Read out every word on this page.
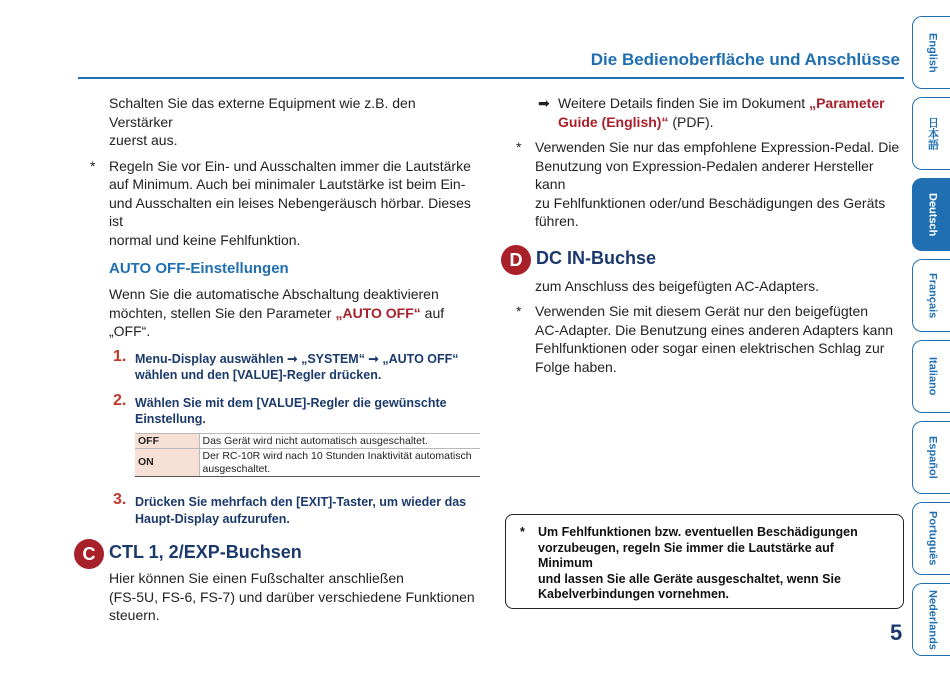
Die Bedienoberfläche und Anschlüsse
Schalten Sie das externe Equipment wie z.B. den Verstärker
zuerst aus.
* Regeln Sie vor Ein- und Ausschalten immer die Lautstärke
auf Minimum. Auch bei minimaler Lautstärke ist beim Ein-
und Ausschalten ein leises Nebengeräusch hörbar. Dieses ist
normal und keine Fehlfunktion.
AUTO OFF-Einstellungen
Wenn Sie die automatische Abschaltung deaktivieren
möchten, stellen Sie den Parameter „AUTO OFF“ auf „OFF“.
1. Menu-Display auswählen ➞ „SYSTEM“ ➞ „AUTO OFF“
wählen und den [VALUE]-Regler drücken.
2. Wählen Sie mit dem [VALUE]-Regler die gewünschte
Einstellung.
OFF	Das Gerät wird nicht automatisch ausgeschaltet.

ON	Der RC-10R wird nach 10 Stunden Inaktivität automatisch
ausgeschaltet.
3. Drücken Sie mehrfach den [EXIT]-Taster, um wieder das
Haupt-Display aufzurufen.
C CTL 1, 2/EXP-Buchsen
Hier können Sie einen Fußschalter anschließen
(FS-5U, FS-6, FS-7) und darüber verschiedene Funktionen
steuern.
➡ Weitere Details finden Sie im Dokument „Parameter
Guide (English)“ (PDF).
* Verwenden Sie nur das empfohlene Expression-Pedal. Die
Benutzung von Expression-Pedalen anderer Hersteller kann
zu Fehlfunktionen oder/und Beschädigungen des Geräts
führen.
D DC IN-Buchse
zum Anschluss des beigefügten AC-Adapters.
* Verwenden Sie mit diesem Gerät nur den beigefügten
AC-Adapter. Die Benutzung eines anderen Adapters kann
Fehlfunktionen oder sogar einen elektrischen Schlag zur
Folge haben.
* Um Fehlfunktionen bzw. eventuellen Beschädigungen
vorzubeugen, regeln Sie immer die Lautstärke auf Minimum
und lassen Sie alle Geräte ausgeschaltet, wenn Sie
Kabelverbindungen vornehmen.
5
English
日本語
Deutsch
Français
Italiano
Español
Português
Nederlands
